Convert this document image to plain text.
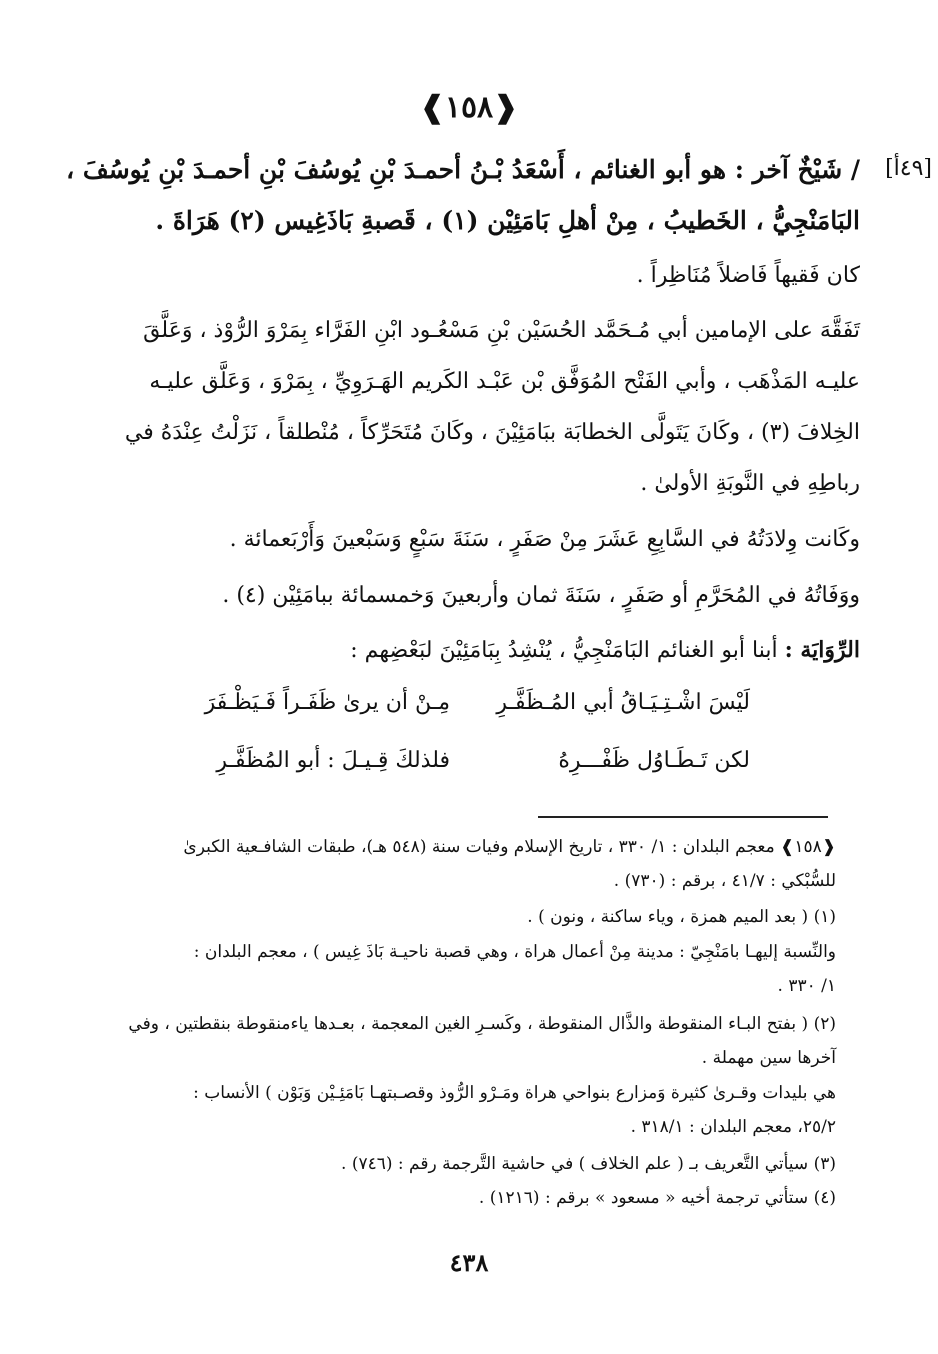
❰١٥٨❱
[٤٩أ]
/ شَيْخٌ آخر : هو أبو الغنائم ، أَسْعَدُ بْـنُ أحمـدَ بْنِ يُوسُفَ بْنِ أحمـدَ بْنِ يُوسُفَ ،
البَامَنْجِيُّ ، الخَطيبُ ، مِنْ أهلِ بَامَئِيْن (١) ، قَصبةِ بَاذَغِيس (٢) هَرَاةَ .
كان فَقيهاً فَاضلاً مُنَاظِراً .
تَفَقَّهَ على الإمامين أبي مُـحَمَّد الحُسَيْن بْنِ مَسْعُـود ابْنِ الفَرَّاء بِمَرْوَ الرُّوْذ ، وَعَلَّقَ
عليـه المَذْهَب ، وأبي الفَتْح المُوَفَّق بْن عَبْـد الكَريم الهَـرَوِيِّ ، بِمَرْوَ ، وَعَلَّق عليـه
الخِلافَ (٣) ، وكَانَ يَتَولَّى الخطابَة ببَامَئِيْنَ ، وكَانَ مُتَحَرِّكاً ، مُنْطلقاً ، نَزَلْتُ عِنْدَهُ في
رباطِهِ في النَّوبَةِ الأولىٰ .
وكَانت وِلادَتُهُ في السَّابِعِ عَشَرَ مِنْ صَفَرٍ ، سَنَةَ سَبْعٍ وَسَبْعينَ وَأَرْبَعمائة .
ووَفَاتُهُ في المُحَرَّمِ أو صَفَرٍ ، سَنَةَ ثمان وأربعينَ وَخمسمائة ببامَئِيْن (٤) .
الرِّوَايَة : أبنا أبو الغنائم البَامَنْجِيُّ ، يُنْشِدُ بِبَامَئِيْنَ لبَعْضِهم :
لَيْسَ اشْـتِـيَـاقُ أبي المُـظَفَّـرِ
مِـنْ أن يرىٰ ظَفَـراً فَـيَظْـفَرَ
لكن تَـطَـاوُل ظَفْـــرِهُ
فلذلكَ قِـيـلَ : أبو المُظَفَّـرِ
❰١٥٨❱ معجم البلدان : ١/ ٣٣٠ ، تاريخ الإسلام وفيات سنة (٥٤٨ هـ)، طبقات الشافـعية الكبرىٰ
للسُّبْكي : ٤١/٧ ، برقم : (٧٣٠) .
(١) ( بعد الميم همزة ، وياء ساكنة ، ونون ) .
والنِّسبة إليهـا بامَنْجِيّ : مدينة مِنْ أعمال هراة ، وهي قصبة ناحيـة بَاذَ غِيس ) ، معجم البلدان :
١/ ٣٣٠ .
(٢) ( بفتح البـاء المنقوطة والذَّال المنقوطة ، وكَسـرِ الغين المعجمة ، بعـدها ياءمنقوطة بنقطتين ، وفي
آخرها سين مهملة .
هي بليدات وقـرىٰ كثيرة وَمزارع بنواحي هراة ومَـرْو الرُّوذ وقصـبتهـا بَامَئِـيْن وَبَوْن ) الأنساب :
٢٥/٢، معجم البلدان : ٣١٨/١ .
(٣) سيأتي التَّعريف بـ ( علم الخلاف ) في حاشية التَّرجمة رقم : (٧٤٦) .
(٤) ستأتي ترجمة أخيه « مسعود » برقم : (١٢١٦) .
٤٣٨
